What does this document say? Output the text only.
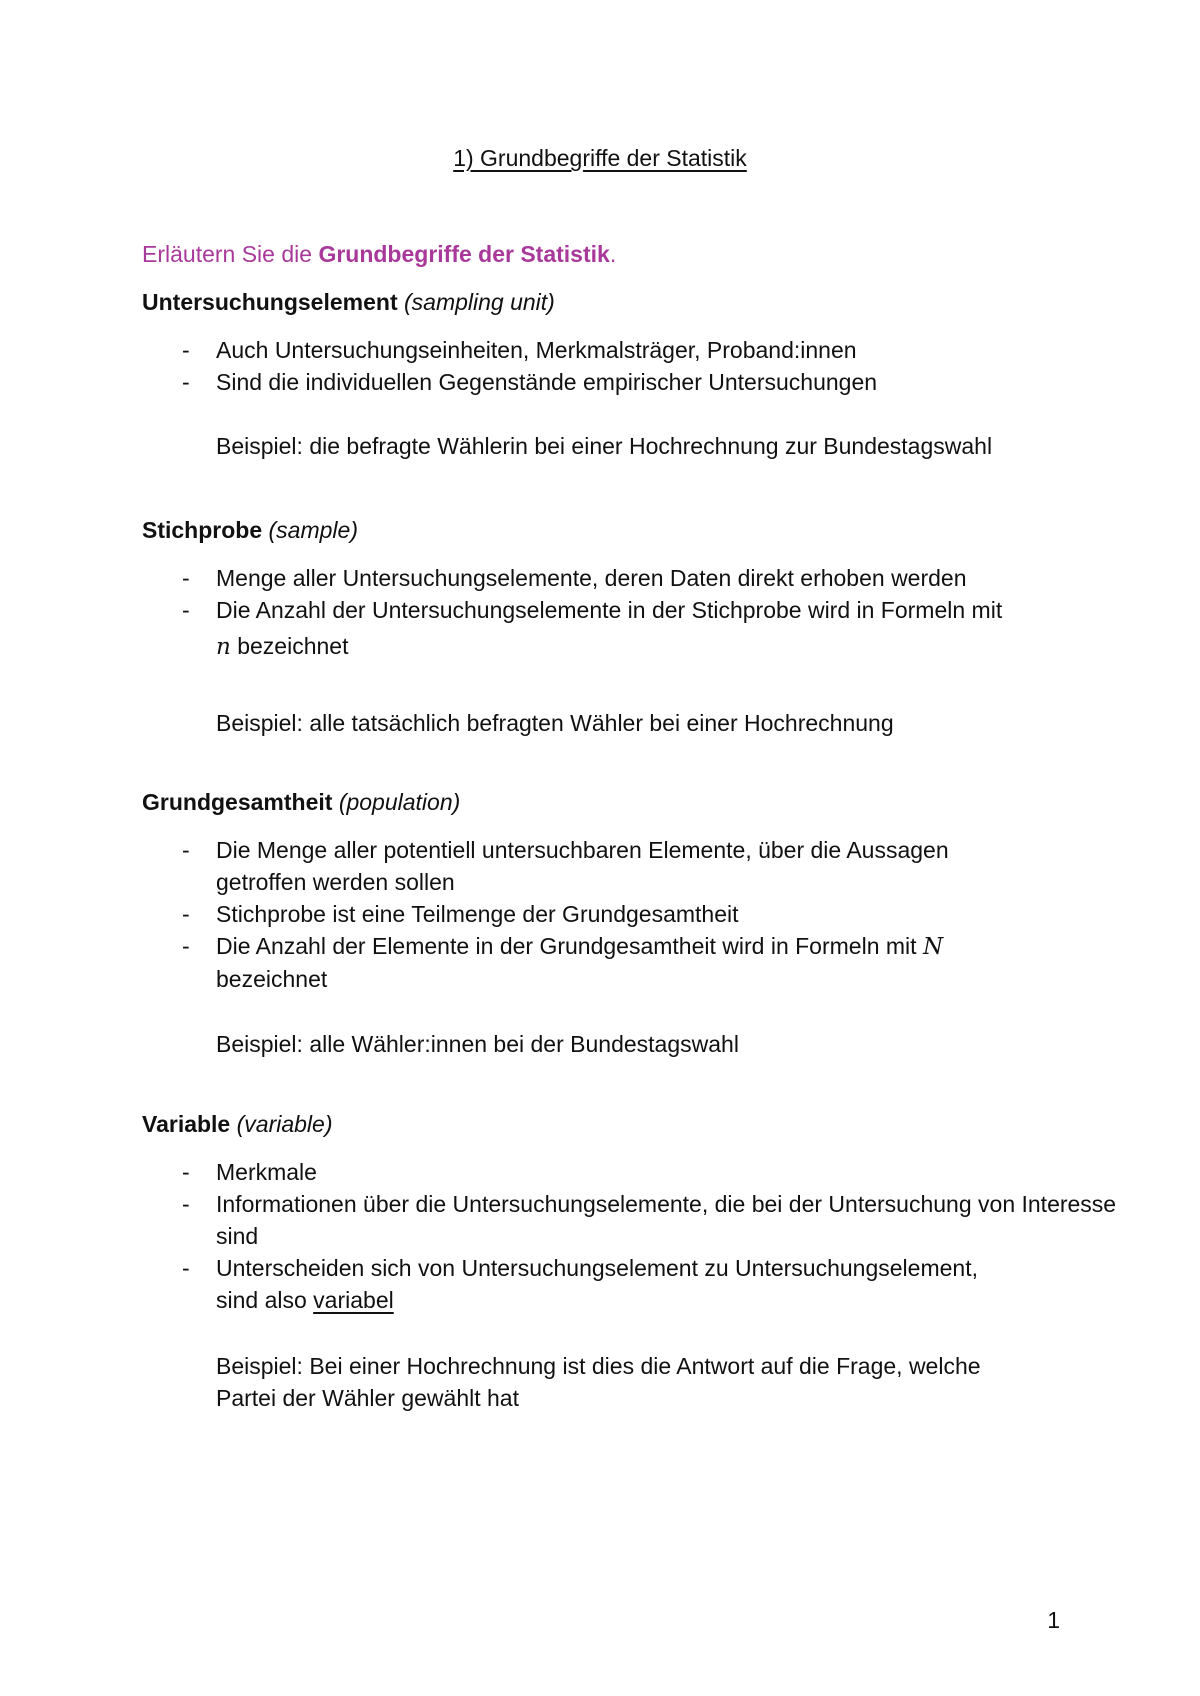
1) Grundbegriffe der Statistik
Erläutern Sie die Grundbegriffe der Statistik.
Untersuchungselement (sampling unit)
- Auch Untersuchungseinheiten, Merkmalsträger, Proband:innen
- Sind die individuellen Gegenstände empirischer Untersuchungen
Beispiel: die befragte Wählerin bei einer Hochrechnung zur Bundestagswahl
Stichprobe (sample)
- Menge aller Untersuchungselemente, deren Daten direkt erhoben werden
- Die Anzahl der Untersuchungselemente in der Stichprobe wird in Formeln mit
n bezeichnet
Beispiel: alle tatsächlich befragten Wähler bei einer Hochrechnung
Grundgesamtheit (population)
- Die Menge aller potentiell untersuchbaren Elemente, über die Aussagen getroffen werden sollen
- Stichprobe ist eine Teilmenge der Grundgesamtheit
- Die Anzahl der Elemente in der Grundgesamtheit wird in Formeln mit N
bezeichnet
Beispiel: alle Wähler:innen bei der Bundestagswahl
Variable (variable)
- Merkmale
- Informationen über die Untersuchungselemente, die bei der Untersuchung von Interesse sind
- Unterscheiden sich von Untersuchungselement zu Untersuchungselement,
sind also variabel
Beispiel: Bei einer Hochrechnung ist dies die Antwort auf die Frage, welche
Partei der Wähler gewählt hat
1
